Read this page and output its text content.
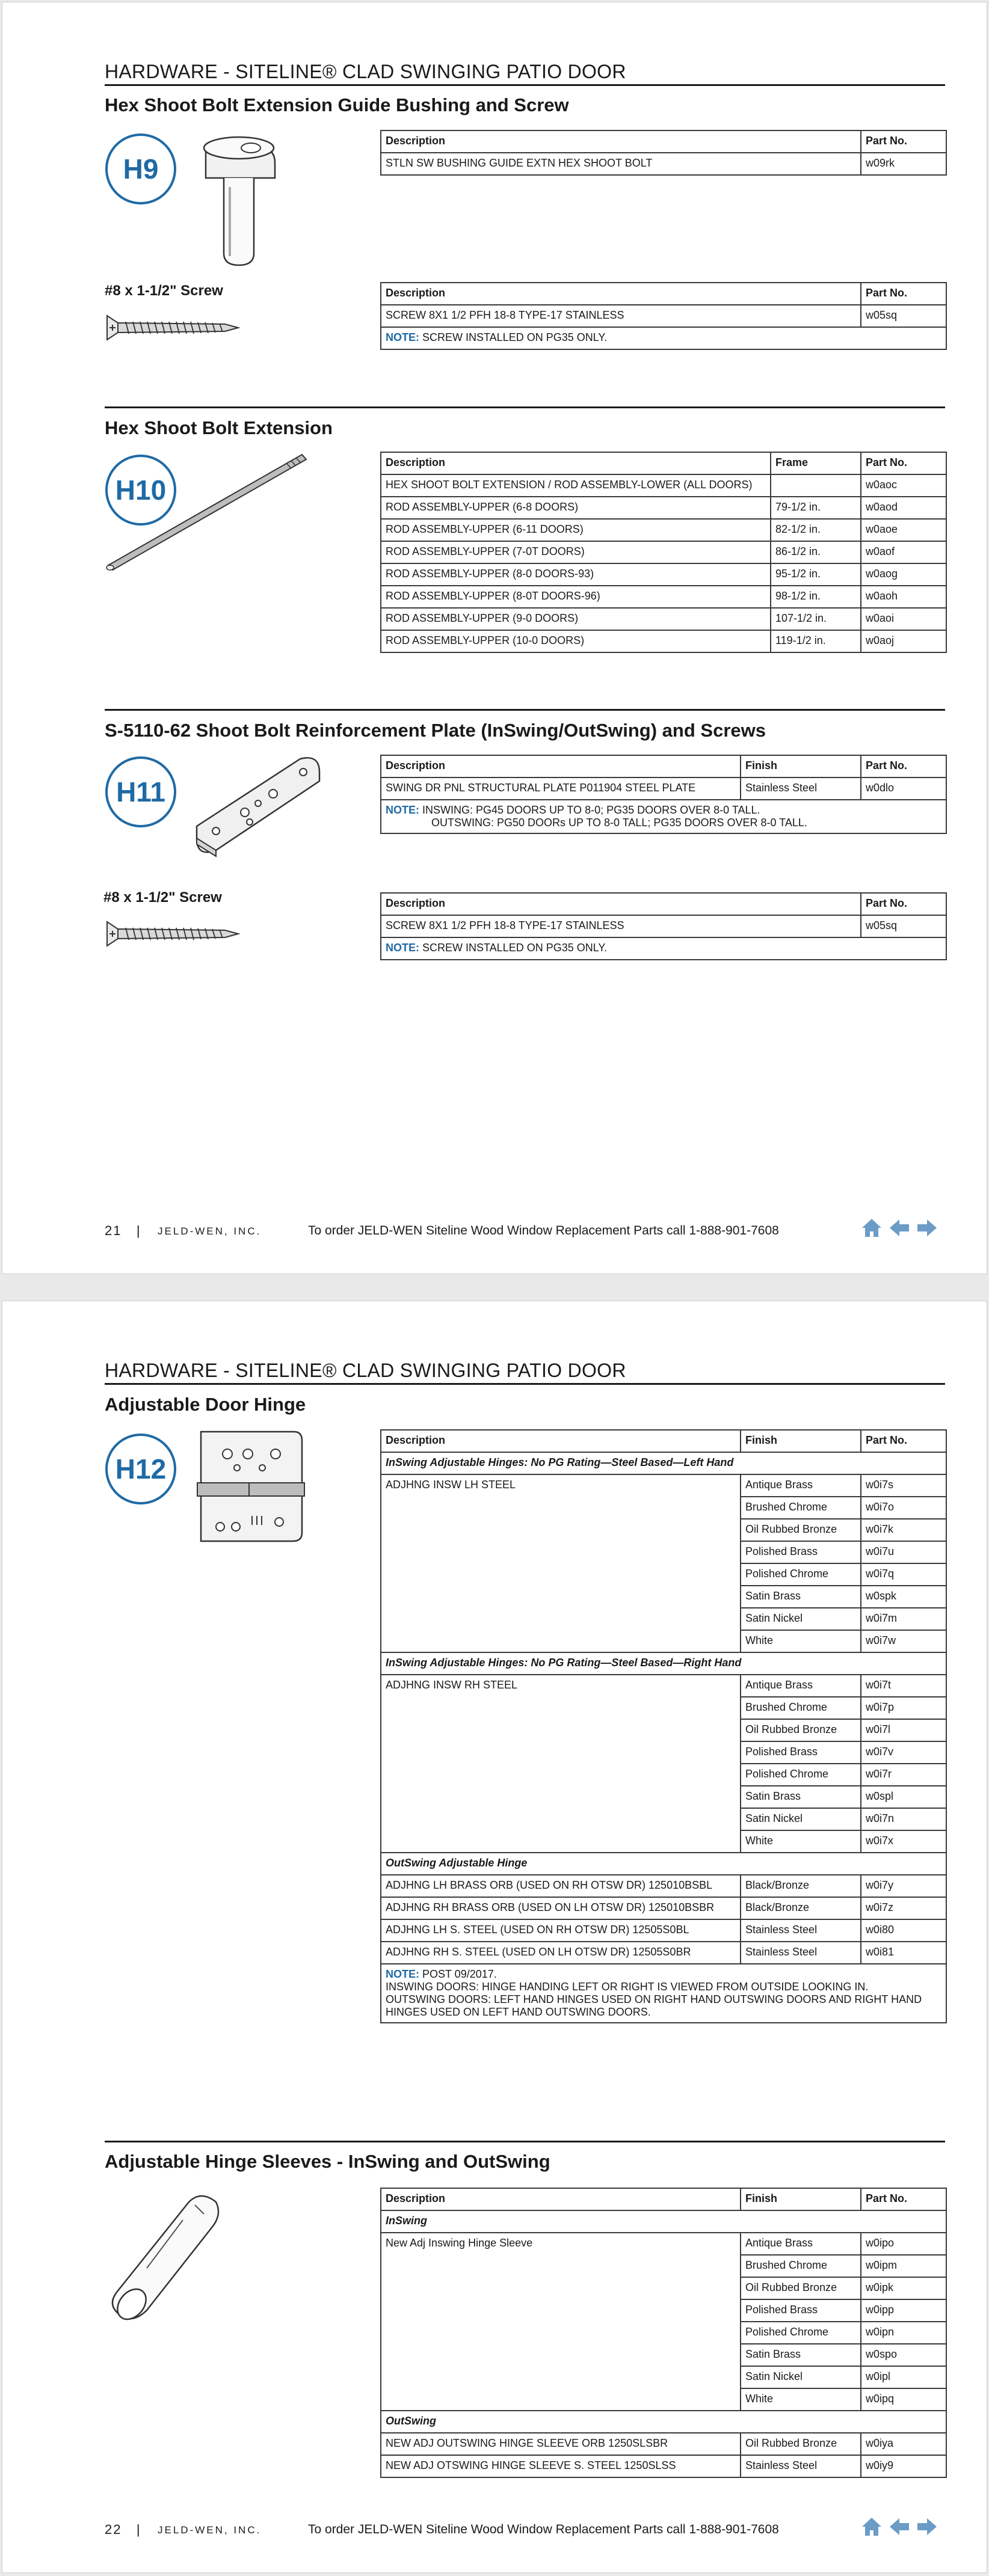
HARDWARE - SITELINE® CLAD SWINGING PATIO DOOR
Hex Shoot Bolt Extension Guide Bushing and Screw
H9
Description	Part No.
STLN SW BUSHING GUIDE EXTN HEX SHOOT BOLT	w09rk
#8 x 1-1/2" Screw	Description	Part No.
SCREW 8X1 1/2 PFH 18-8 TYPE-17 STAINLESS	w05sq
NOTE: SCREW INSTALLED ON PG35 ONLY.	
Hex Shoot Bolt Extension
H10
Description	Frame	Part No.
HEX SHOOT BOLT EXTENSION / ROD ASSEMBLY-LOWER (ALL DOORS)		w0aoc
ROD ASSEMBLY-UPPER (6-8 DOORS)	79-1/2 in.	w0aod
ROD ASSEMBLY-UPPER (6-11 DOORS)	82-1/2 in.	w0aoe
ROD ASSEMBLY-UPPER (7-0T DOORS)	86-1/2 in.	w0aof
ROD ASSEMBLY-UPPER (8-0 DOORS-93)	95-1/2 in.	w0aog
ROD ASSEMBLY-UPPER (8-0T DOORS-96)	98-1/2 in.	w0aoh
ROD ASSEMBLY-UPPER (9-0 DOORS)	107-1/2 in.	w0aoi
ROD ASSEMBLY-UPPER (10-0 DOORS)	119-1/2 in.	w0aoj
S-5110-62 Shoot Bolt Reinforcement Plate (InSwing/OutSwing) and Screws
H11
Description	Finish	Part No.
SWING DR PNL STRUCTURAL PLATE P011904 STEEL PLATE	Stainless Steel	w0dlo
NOTE: INSWING: PG45 DOORS UP TO 8-0; PG35 DOORS OVER 8-0 TALL.
OUTSWING: PG50 DOORs UP TO 8-0 TALL; PG35 DOORS OVER 8-0 TALL.		
#8 x 1-1/2" Screw	Description	Part No.
SCREW 8X1 1/2 PFH 18-8 TYPE-17 STAINLESS	w05sq
NOTE: SCREW INSTALLED ON PG35 ONLY.	
21 | JELD-WEN, INC.	To order JELD-WEN Siteline Wood Window Replacement Parts call 1-888-901-7608
HARDWARE - SITELINE® CLAD SWINGING PATIO DOOR
Adjustable Door Hinge
H12
Description	Finish	Part No.
InSwing Adjustable Hinges: No PG Rating—Steel Based—Left Hand		
ADJHNG INSW LH STEEL	Antique Brass	w0i7s
	Brushed Chrome	w0i7o
	Oil Rubbed Bronze	w0i7k
	Polished Brass	w0i7u
	Polished Chrome	w0i7q
	Satin Brass	w0spk
	Satin Nickel	w0i7m
	White	w0i7w
InSwing Adjustable Hinges: No PG Rating—Steel Based—Right Hand		
ADJHNG INSW RH STEEL	Antique Brass	w0i7t
	Brushed Chrome	w0i7p
	Oil Rubbed Bronze	w0i7l
	Polished Brass	w0i7v
	Polished Chrome	w0i7r
	Satin Brass	w0spl
	Satin Nickel	w0i7n
	White	w0i7x
OutSwing Adjustable Hinge		
ADJHNG LH BRASS ORB (USED ON RH OTSW DR) 125010BSBL	Black/Bronze	w0i7y
ADJHNG RH BRASS ORB (USED ON LH OTSW DR) 125010BSBR	Black/Bronze	w0i7z
ADJHNG LH S. STEEL (USED ON RH OTSW DR) 12505S0BL	Stainless Steel	w0i80
ADJHNG RH S. STEEL (USED ON LH OTSW DR) 12505S0BR	Stainless Steel	w0i81
NOTE: POST 09/2017.
INSWING DOORS: HINGE HANDING LEFT OR RIGHT IS VIEWED FROM OUTSIDE LOOKING IN.
OUTSWING DOORS: LEFT HAND HINGES USED ON RIGHT HAND OUTSWING DOORS AND RIGHT HAND HINGES USED ON LEFT HAND OUTSWING DOORS.		
Adjustable Hinge Sleeves - InSwing and OutSwing
Description	Finish	Part No.
InSwing		
New Adj Inswing Hinge Sleeve	Antique Brass	w0ipo
	Brushed Chrome	w0ipm
	Oil Rubbed Bronze	w0ipk
	Polished Brass	w0ipp
	Polished Chrome	w0ipn
	Satin Brass	w0spo
	Satin Nickel	w0ipl
	White	w0ipq
OutSwing		
NEW ADJ OUTSWING HINGE SLEEVE ORB 1250SLSBR	Oil Rubbed Bronze	w0iya
NEW ADJ OTSWING HINGE SLEEVE S. STEEL 1250SLSS	Stainless Steel	w0iy9
22 | JELD-WEN, INC.	To order JELD-WEN Siteline Wood Window Replacement Parts call 1-888-901-7608
